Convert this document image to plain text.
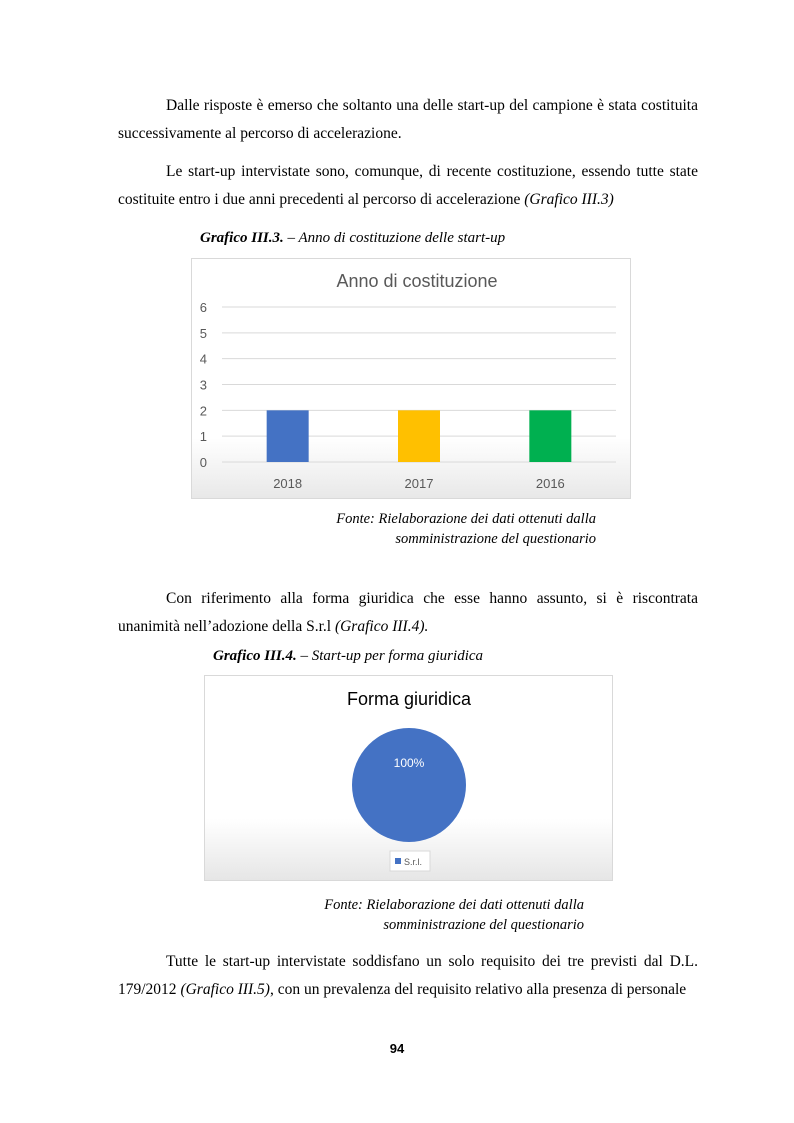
Dalle risposte è emerso che soltanto una delle start-up del campione è stata costituita successivamente al percorso di accelerazione.

Le start-up intervistate sono, comunque, di recente costituzione, essendo tutte state costituite entro i due anni precedenti al percorso di accelerazione (Grafico III.3)

Grafico III.3. – Anno di costituzione delle start-up

Anno di costituzione
0
1
2
3
4
5
6
2018	2017	2016

Fonte: Rielaborazione dei dati ottenuti dalla
somministrazione del questionario

Con riferimento alla forma giuridica che esse hanno assunto, si è riscontrata unanimità nell’adozione della S.r.l (Grafico III.4).

Grafico III.4. – Start-up per forma giuridica

Forma giuridica
100%
S.r.l.

Fonte: Rielaborazione dei dati ottenuti dalla
somministrazione del questionario

Tutte le start-up intervistate soddisfano un solo requisito dei tre previsti dal D.L. 179/2012 (Grafico III.5), con un prevalenza del requisito relativo alla presenza di personale

94
